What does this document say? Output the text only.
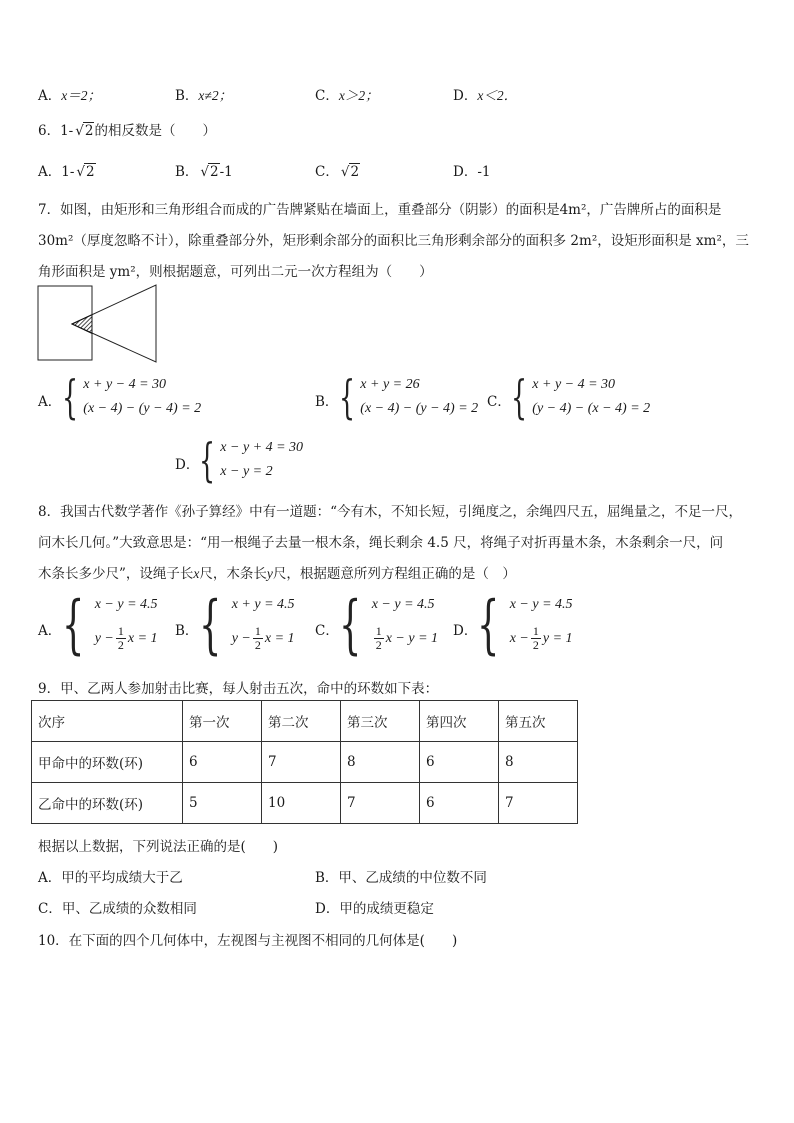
A．x＝2；	B．x≠2；	C．x＞2；	D．x＜2．
6．1- √ 2的相反数是（　　）
A．1- √ 2	B． √ 2-1	C． √ 2	D．-1
7．如图，由矩形和三角形组合而成的广告牌紧贴在墙面上，重叠部分（阴影）的面积是4m²，广告牌所占的面积是
30m²（厚度忽略不计），除重叠部分外，矩形剩余部分的面积比三角形剩余部分的面积多 2m²，设矩形面积是 xm²，三
角形面积是 ym²，则根据题意，可列出二元一次方程组为（　　）
A． { x + y − 4 = 30
(x − 4) − (y − 4) = 2	B． { x + y = 26
(x − 4) − (y − 4) = 2 C． { x + y − 4 = 30
(y − 4) − (x − 4) = 2
D． { x − y + 4 = 30
x − y = 2
8．我国古代数学著作《孙子算经》中有一道题：“今有木，不知长短，引绳度之，余绳四尺五，屈绳量之，不足一尺，
问木长几何。”大致意思是：“用一根绳子去量一根木条，绳长剩余 4.5 尺，将绳子对折再量木条，木条剩余一尺，问
木条长多少尺”，设绳子长x尺，木条长y尺，根据题意所列方程组正确的是（　）
A． { x − y = 4.5
$y - \frac{1}{2}$ x = 1 B． { x + y = 4.5
$y - \frac{1}{2}$ x = 1 C． { x − y = 4.5
$\frac{1}{2}$ x − y = 1 D． { x − y = 4.5
$x - \frac{1}{2}$ y = 1
9．甲、乙两人参加射击比赛，每人射击五次，命中的环数如下表：
次序	第一次	第二次	第三次	第四次	第五次
甲命中的环数(环)	6	7	8	6	8
乙命中的环数(环)	5	10	7	6	7
根据以上数据，下列说法正确的是(　　)
A．甲的平均成绩大于乙	B．甲、乙成绩的中位数不同
C．甲、乙成绩的众数相同	D．甲的成绩更稳定
10．在下面的四个几何体中，左视图与主视图不相同的几何体是(　　)
